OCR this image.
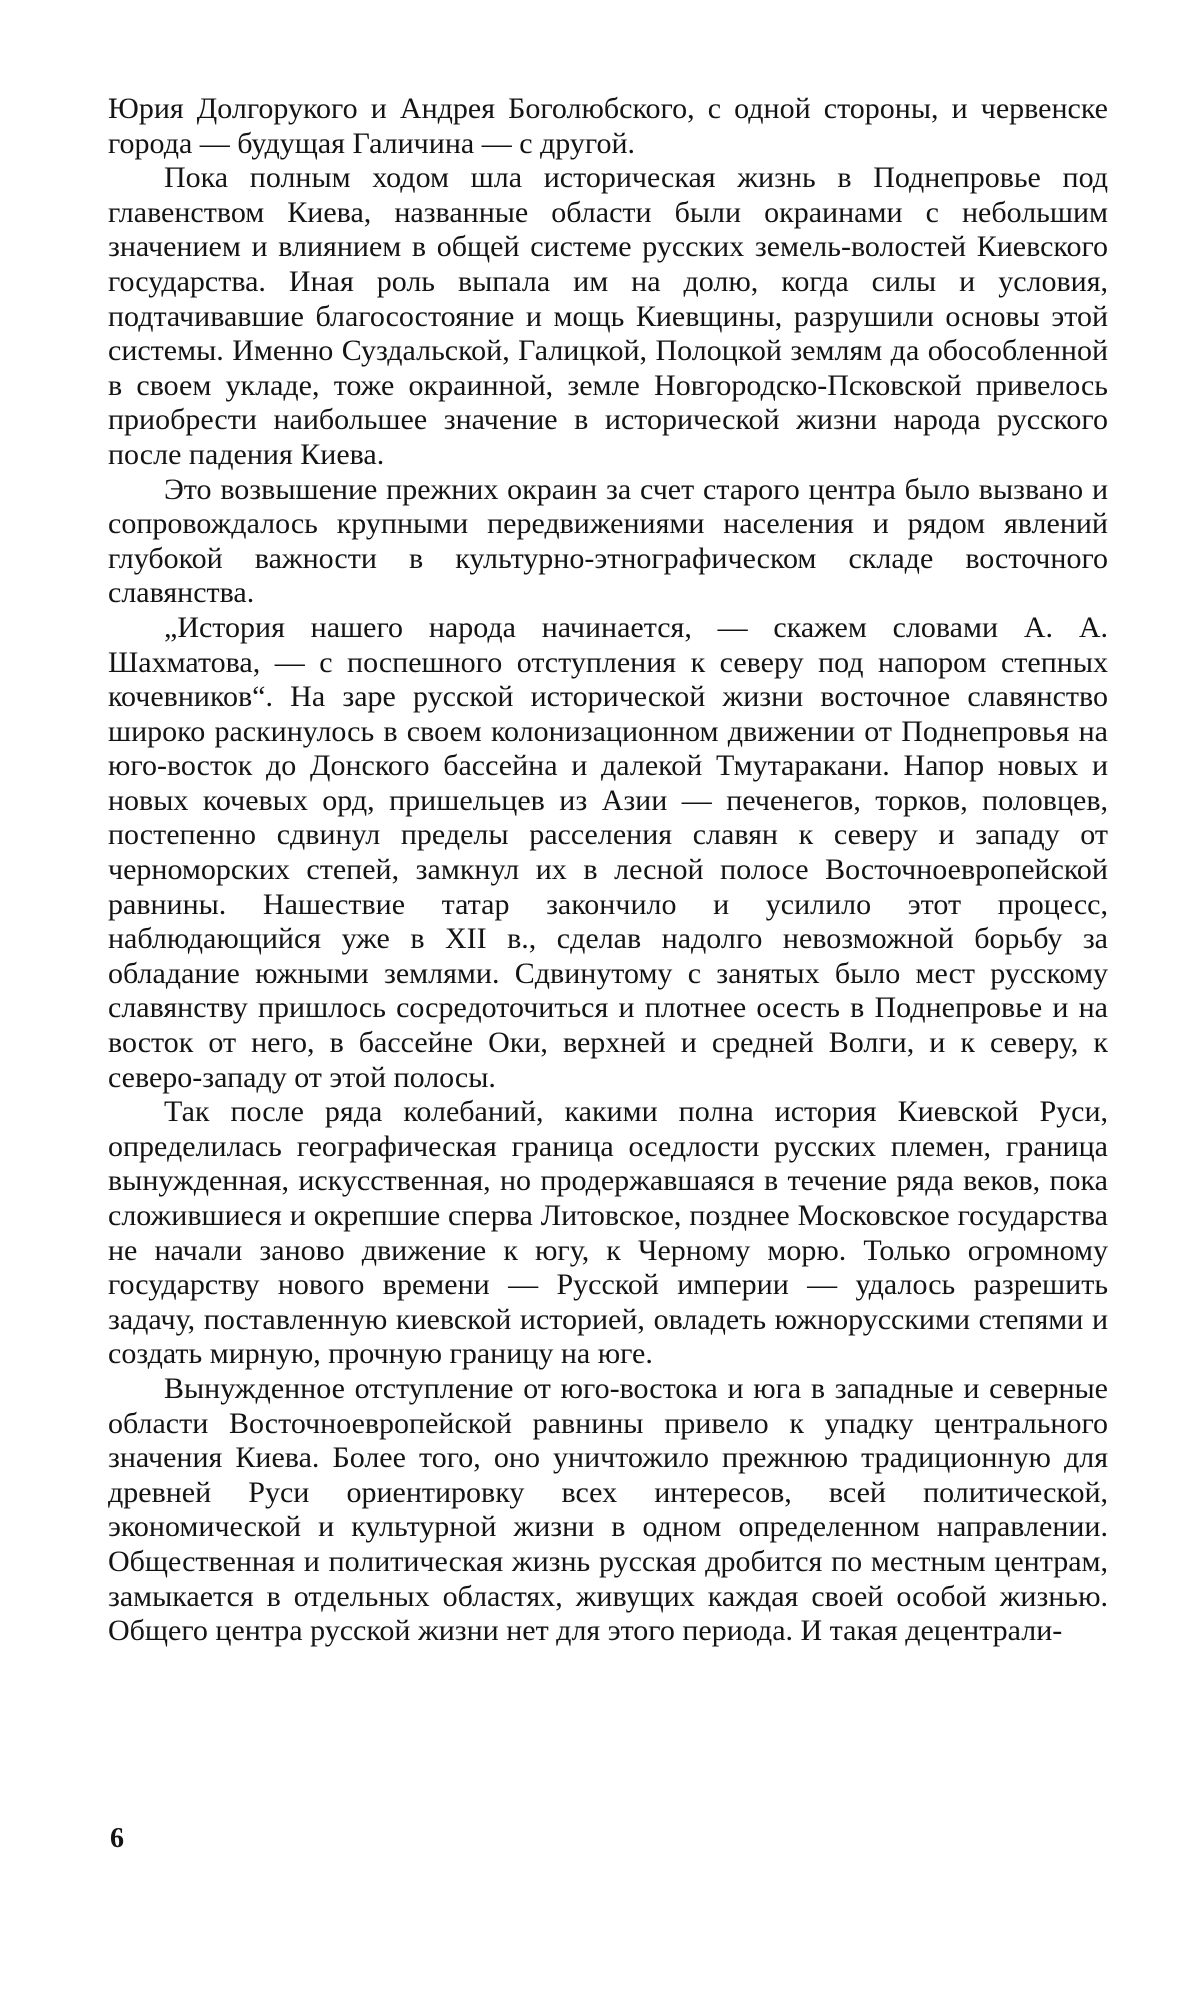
Юрия Долгорукого и Андрея Боголюбского, с одной стороны, и червенске города — будущая Галичина — с другой.

Пока полным ходом шла историческая жизнь в Поднепровье под главенством Киева, названные области были окраинами с небольшим значением и влиянием в общей системе русских земель-волостей Киевского государства. Иная роль выпала им на долю, когда силы и условия, подтачивавшие благосостояние и мощь Киевщины, разрушили основы этой системы. Именно Суздальской, Галицкой, Полоцкой землям да обособленной в своем укладе, тоже окраинной, земле Новгородско-Псковской привелось приобрести наибольшее значение в исторической жизни народа русского после падения Киева.

Это возвышение прежних окраин за счет старого центра было вызвано и сопровождалось крупными передвижениями населения и рядом явлений глубокой важности в культурно-этнографическом складе восточного славянства.

„История нашего народа начинается, — скажем словами А. А. Шахматова, — с поспешного отступления к северу под напором степных кочевников“. На заре русской исторической жизни восточное славянство широко раскинулось в своем колонизационном движении от Поднепровья на юго-восток до Донского бассейна и далекой Тмутаракани. Напор новых и новых кочевых орд, пришельцев из Азии — печенегов, торков, половцев, постепенно сдвинул пределы расселения славян к северу и западу от черноморских степей, замкнул их в лесной полосе Восточноевропейской равнины. Нашествие татар закончило и усилило этот процесс, наблюдающийся уже в XII в., сделав надолго невозможной борьбу за обладание южными землями. Сдвинутому с занятых было мест русскому славянству пришлось сосредоточиться и плотнее осесть в Поднепровье и на восток от него, в бассейне Оки, верхней и средней Волги, и к северу, к северо-западу от этой полосы.

Так после ряда колебаний, какими полна история Киевской Руси, определилась географическая граница оседлости русских племен, граница вынужденная, искусственная, но продержавшаяся в течение ряда веков, пока сложившиеся и окрепшие сперва Литовское, позднее Московское государства не начали заново движение к югу, к Черному морю. Только огромному государству нового времени — Русской империи — удалось разрешить задачу, поставленную киевской историей, овладеть южнорусскими степями и создать мирную, прочную границу на юге.

Вынужденное отступление от юго-востока и юга в западные и северные области Восточноевропейской равнины привело к упадку центрального значения Киева. Более того, оно уничтожило прежнюю традиционную для древней Руси ориентировку всех интересов, всей политической, экономической и культурной жизни в одном определенном направлении. Общественная и политическая жизнь русская дробится по местным центрам, замыкается в отдельных областях, живущих каждая своей особой жизнью. Общего центра русской жизни нет для этого периода. И такая децентрали-

6
